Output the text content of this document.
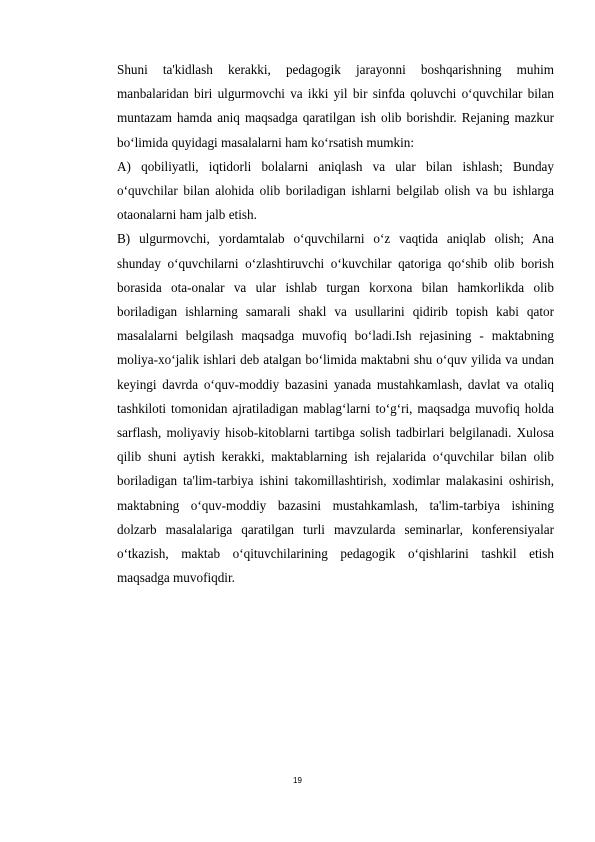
Shuni ta'kidlash kerakki, pedagogik jarayonni boshqarishning muhim manbalaridan biri ulgurmovchi va ikki yil bir sinfda qoluvchi o‘quvchilar bilan muntazam hamda aniq maqsadga qaratilgan ish olib borishdir. Rejaning mazkur bo‘limida quyidagi masalalarni ham ko‘rsatish mumkin:

A) qobiliyatli, iqtidorli bolalarni aniqlash va ular bilan ishlash; Bunday o‘quvchilar bilan alohida olib boriladigan ishlarni belgilab olish va bu ishlarga otaonalarni ham jalb etish.

B) ulgurmovchi, yordamtalab o‘quvchilarni o‘z vaqtida aniqlab olish; Ana shunday o‘quvchilarni o‘zlashtiruvchi o‘kuvchilar qatoriga qo‘shib olib borish borasida ota-onalar va ular ishlab turgan korxona bilan hamkorlikda olib boriladigan ishlarning samarali shakl va usullarini qidirib topish kabi qator masalalarni belgilash maqsadga muvofiq bo‘ladi.Ish rejasining - maktabning moliya-xo‘jalik ishlari deb atalgan bo‘limida maktabni shu o‘quv yilida va undan keyingi davrda o‘quv-moddiy bazasini yanada mustahkamlash, davlat va otaliq tashkiloti tomonidan ajratiladigan mablag‘larni to‘g‘ri, maqsadga muvofiq holda sarflash, moliyaviy hisob-kitoblarni tartibga solish tadbirlari belgilanadi. Xulosa qilib shuni aytish kerakki, maktablarning ish rejalarida o‘quvchilar bilan olib boriladigan ta'lim-tarbiya ishini takomillashtirish, xodimlar malakasini oshirish, maktabning o‘quv-moddiy bazasini mustahkamlash, ta'lim-tarbiya ishining dolzarb masalalariga qaratilgan turli mavzularda seminarlar, konferensiyalar o‘tkazish, maktab o‘qituvchilarining pedagogik o‘qishlarini tashkil etish maqsadga muvofiqdir.

19
